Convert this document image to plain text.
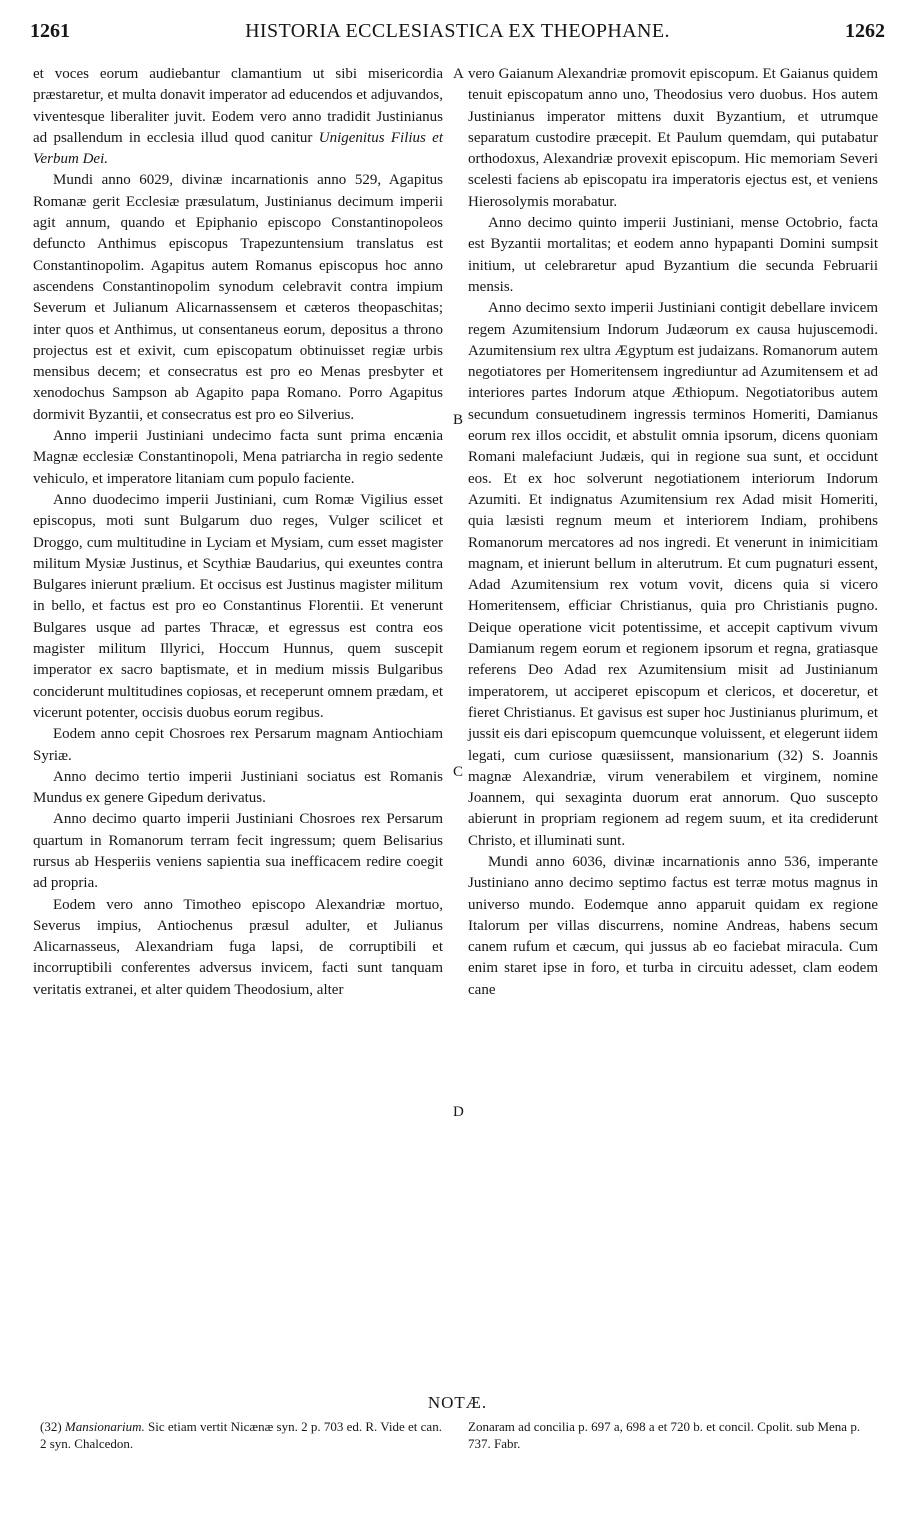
1261	HISTORIA ECCLESIASTICA EX THEOPHANE.	1262

et voces eorum audiebantur clamantium ut sibi misericordia præstaretur, et multa donavit imperator ad educendos et adjuvandos, viventesque liberaliter juvit. Eodem vero anno tradidit Justinianus ad psallendum in ecclesia illud quod canitur Unigenitus Filius et Verbum Dei.

Mundi anno 6029, divinæ incarnationis anno 529, Agapitus Romanæ gerit Ecclesiæ præsulatum, Justinianus decimum imperii agit annum, quando et Epiphanio episcopo Constantinopoleos defuncto Anthimus episcopus Trapezuntensium translatus est Constantinopolim. Agapitus autem Romanus episcopus hoc anno ascendens Constantinopolim synodum celebravit contra impium Severum et Julianum Alicarnassensem et cæteros theopaschitas; inter quos et Anthimus, ut consentaneus eorum, depositus a throno projectus est et exivit, cum episcopatum obtinuisset regiæ urbis mensibus decem; et consecratus est pro eo Menas presbyter et xenodochus Sampson ab Agapito papa Romano. Porro Agapitus dormivit Byzantii, et consecratus est pro eo Silverius.

Anno imperii Justiniani undecimo facta sunt prima encænia Magnæ ecclesiæ Constantinopoli, Mena patriarcha in regio sedente vehiculo, et imperatore litaniam cum populo faciente.

Anno duodecimo imperii Justiniani, cum Romæ Vigilius esset episcopus, moti sunt Bulgarum duo reges, Vulger scilicet et Droggo, cum multitudine in Lyciam et Mysiam, cum esset magister militum Mysiæ Justinus, et Scythiæ Baudarius, qui exeuntes contra Bulgares inierunt prælium. Et occisus est Justinus magister militum in bello, et factus est pro eo Constantinus Florentii. Et venerunt Bulgares usque ad partes Thracæ, et egressus est contra eos magister militum Illyrici, Hoccum Hunnus, quem suscepit imperator ex sacro baptismate, et in medium missis Bulgaribus conciderunt multitudines copiosas, et receperunt omnem prædam, et vicerunt potenter, occisis duobus eorum regibus.

Eodem anno cepit Chosroes rex Persarum magnam Antiochiam Syriæ.

Anno decimo tertio imperii Justiniani sociatus est Romanis Mundus ex genere Gipedum derivatus.

Anno decimo quarto imperii Justiniani Chosroes rex Persarum quartum in Romanorum terram fecit ingressum; quem Belisarius rursus ab Hesperiis veniens sapientia sua inefficacem redire coegit ad propria.

Eodem vero anno Timotheo episcopo Alexandriæ mortuo, Severus impius, Antiochenus præsul adulter, et Julianus Alicarnasseus, Alexandriam fuga lapsi, de corruptibili et incorruptibili conferentes adversus invicem, facti sunt tanquam veritatis extranei, et alter quidem Theodosium, alter

A
B
C
D

vero Gaianum Alexandriæ promovit episcopum. Et Gaianus quidem tenuit episcopatum anno uno, Theodosius vero duobus. Hos autem Justinianus imperator mittens duxit Byzantium, et utrumque separatum custodire præcepit. Et Paulum quemdam, qui putabatur orthodoxus, Alexandriæ provexit episcopum. Hic memoriam Severi scelesti faciens ab episcopatu ira imperatoris ejectus est, et veniens Hierosolymis morabatur.

Anno decimo quinto imperii Justiniani, mense Octobrio, facta est Byzantii mortalitas; et eodem anno hypapanti Domini sumpsit initium, ut celebraretur apud Byzantium die secunda Februarii mensis.

Anno decimo sexto imperii Justiniani contigit debellare invicem regem Azumitensium Indorum Judæorum ex causa hujuscemodi. Azumitensium rex ultra Ægyptum est judaizans. Romanorum autem negotiatores per Homeritensem ingrediuntur ad Azumitensem et ad interiores partes Indorum atque Æthiopum. Negotiatoribus autem secundum consuetudinem ingressis terminos Homeriti, Damianus eorum rex illos occidit, et abstulit omnia ipsorum, dicens quoniam Romani malefaciunt Judæis, qui in regione sua sunt, et occidunt eos. Et ex hoc solverunt negotiationem interiorum Indorum Azumiti. Et indignatus Azumitensium rex Adad misit Homeriti, quia læsisti regnum meum et interiorem Indiam, prohibens Romanorum mercatores ad nos ingredi. Et venerunt in inimicitiam magnam, et inierunt bellum in alterutrum. Et cum pugnaturi essent, Adad Azumitensium rex votum vovit, dicens quia si vicero Homeritensem, efficiar Christianus, quia pro Christianis pugno. Deique operatione vicit potentissime, et accepit captivum vivum Damianum regem eorum et regionem ipsorum et regna, gratiasque referens Deo Adad rex Azumitensium misit ad Justinianum imperatorem, ut acciperet episcopum et clericos, et doceretur, et fieret Christianus. Et gavisus est super hoc Justinianus plurimum, et jussit eis dari episcopum quemcunque voluissent, et elegerunt iidem legati, cum curiose quæsiissent, mansionarium (32) S. Joannis magnæ Alexandriæ, virum venerabilem et virginem, nomine Joannem, qui sexaginta duorum erat annorum. Quo suscepto abierunt in propriam regionem ad regem suum, et ita crediderunt Christo, et illuminati sunt.

Mundi anno 6036, divinæ incarnationis anno 536, imperante Justiniano anno decimo septimo factus est terræ motus magnus in universo mundo. Eodemque anno apparuit quidam ex regione Italorum per villas discurrens, nomine Andreas, habens secum canem rufum et cæcum, qui jussus ab eo faciebat miracula. Cum enim staret ipse in foro, et turba in circuitu adesset, clam eodem cane

NOTÆ.

(32) Mansionarium. Sic etiam vertit Nicænæ syn. 2 p. 703 ed. R. Vide et can. 2 syn. Chalcedon.

Zonaram ad concilia p. 697 a, 698 a et 720 b. et concil. Cpolit. sub Mena p. 737. Fabr.
